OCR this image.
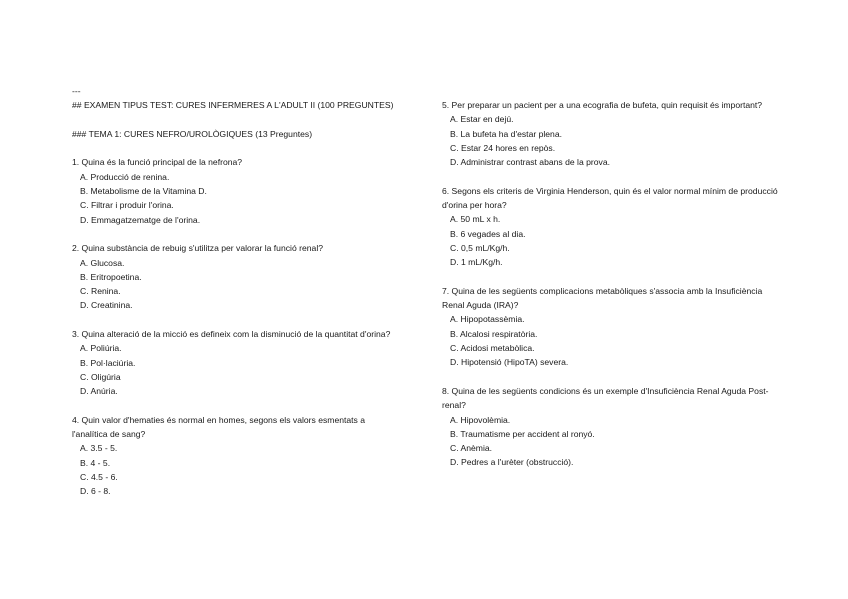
---
## EXAMEN TIPUS TEST: CURES INFERMERES A L'ADULT II (100 PREGUNTES)
### TEMA 1: CURES NEFRO/UROLÒGIQUES (13 Preguntes)
1. Quina és la funció principal de la nefrona?
A. Producció de renina.
B. Metabolisme de la Vitamina D.
C. Filtrar i produir l'orina.
D. Emmagatzematge de l'orina.
2. Quina substància de rebuig s'utilitza per valorar la funció renal?
A. Glucosa.
B. Eritropoetina.
C. Renina.
D. Creatinina.
3. Quina alteració de la micció es defineix com la disminució de la quantitat d'orina?
A. Poliúria.
B. Pol·laciúria.
C. Oligúria
D. Anúria.
4. Quin valor d'hematies és normal en homes, segons els valors esmentats a l'analítica de sang?
A. 3.5 - 5.
B. 4 - 5.
C. 4.5 - 6.
D. 6 - 8.
5. Per preparar un pacient per a una ecografia de bufeta, quin requisit és important?
A. Estar en dejú.
B. La bufeta ha d'estar plena.
C. Estar 24 hores en repòs.
D. Administrar contrast abans de la prova.
6. Segons els criteris de Virginia Henderson, quin és el valor normal mínim de producció d'orina per hora?
A. 50 mL x h.
B. 6 vegades al dia.
C. 0,5 mL/Kg/h.
D. 1 mL/Kg/h.
7. Quina de les següents complicacions metabòliques s'associa amb la Insuficiència Renal Aguda (IRA)?
A. Hipopotassèmia.
B. Alcalosi respiratòria.
C. Acidosi metabòlica.
D. Hipotensió (HipoTA) severa.
8. Quina de les següents condicions és un exemple d'Insuficiència Renal Aguda Post-renal?
A. Hipovolèmia.
B. Traumatisme per accident al ronyó.
C. Anèmia.
D. Pedres a l'urèter (obstrucció).
